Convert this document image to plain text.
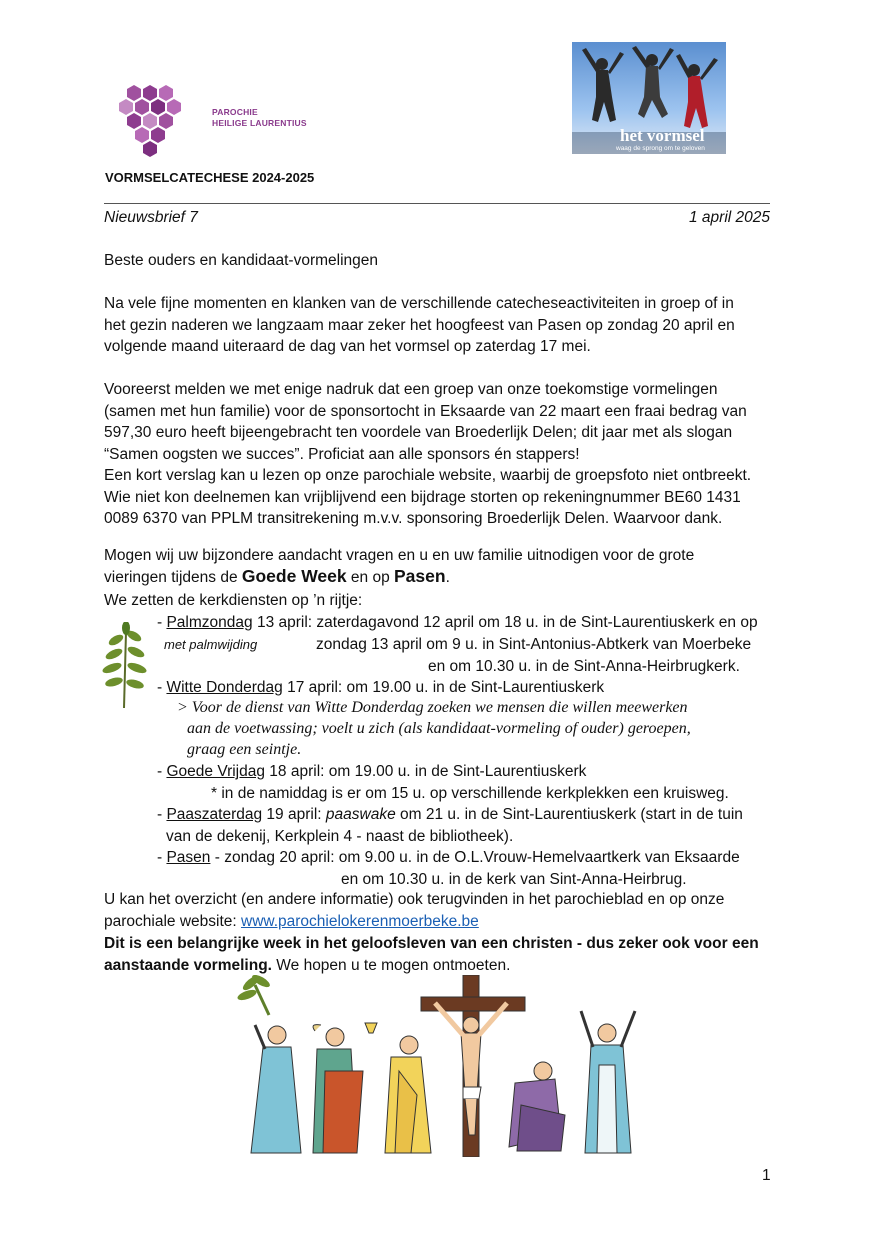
PAROCHIE
HEILIGE LAURENTIUS
het vormsel
waag de sprong om te geloven
VORMSELCATECHESE 2024-2025
Nieuwsbrief 7	1 april 2025
Beste ouders en kandidaat-vormelingen
Na vele fijne momenten en klanken van de verschillende catecheseactiviteiten in groep of in
het gezin naderen we langzaam maar zeker het hoogfeest van Pasen op zondag 20 april en
volgende maand uiteraard de dag van het vormsel op zaterdag 17 mei.
Vooreerst melden we met enige nadruk dat een groep van onze toekomstige vormelingen
(samen met hun familie) voor de sponsortocht in Eksaarde van 22 maart een fraai bedrag van
597,30 euro heeft bijeengebracht ten voordele van Broederlijk Delen; dit jaar met als slogan
“Samen oogsten we succes”. Proficiat aan alle sponsors én stappers!
Een kort verslag kan u lezen op onze parochiale website, waarbij de groepsfoto niet ontbreekt.
Wie niet kon deelnemen kan vrijblijvend een bijdrage storten op rekeningnummer BE60 1431
0089 6370 van PPLM transitrekening m.v.v. sponsoring Broederlijk Delen. Waarvoor dank.
Mogen wij uw bijzondere aandacht vragen en u en uw familie uitnodigen voor de grote
vieringen tijdens de Goede Week en op Pasen.
We zetten de kerkdiensten op ’n rijtje:
- Palmzondag 13 april: zaterdagavond 12 april om 18 u. in de Sint-Laurentiuskerk en op
met palmwijding	zondag 13 april om 9 u. in Sint-Antonius-Abtkerk van Moerbeke
en om 10.30 u. in de Sint-Anna-Heirbrugkerk.
- Witte Donderdag 17 april: om 19.00 u. in de Sint-Laurentiuskerk
> Voor de dienst van Witte Donderdag zoeken we mensen die willen meewerken
aan de voetwassing; voelt u zich (als kandidaat-vormeling of ouder) geroepen,
graag een seintje.
- Goede Vrijdag 18 april: om 19.00 u. in de Sint-Laurentiuskerk
* in de namiddag is er om 15 u. op verschillende kerkplekken een kruisweg.
- Paaszaterdag 19 april: paaswake om 21 u. in de Sint-Laurentiuskerk (start in de tuin
van de dekenij, Kerkplein 4 - naast de bibliotheek).
- Pasen - zondag 20 april: om 9.00 u. in de O.L.Vrouw-Hemelvaartkerk van Eksaarde
en om 10.30 u. in de kerk van Sint-Anna-Heirbrug.
U kan het overzicht (en andere informatie) ook terugvinden in het parochieblad en op onze
parochiale website: www.parochielokerenmoerbeke.be
Dit is een belangrijke week in het geloofsleven van een christen - dus zeker ook voor een
aanstaande vormeling. We hopen u te mogen ontmoeten.
1
